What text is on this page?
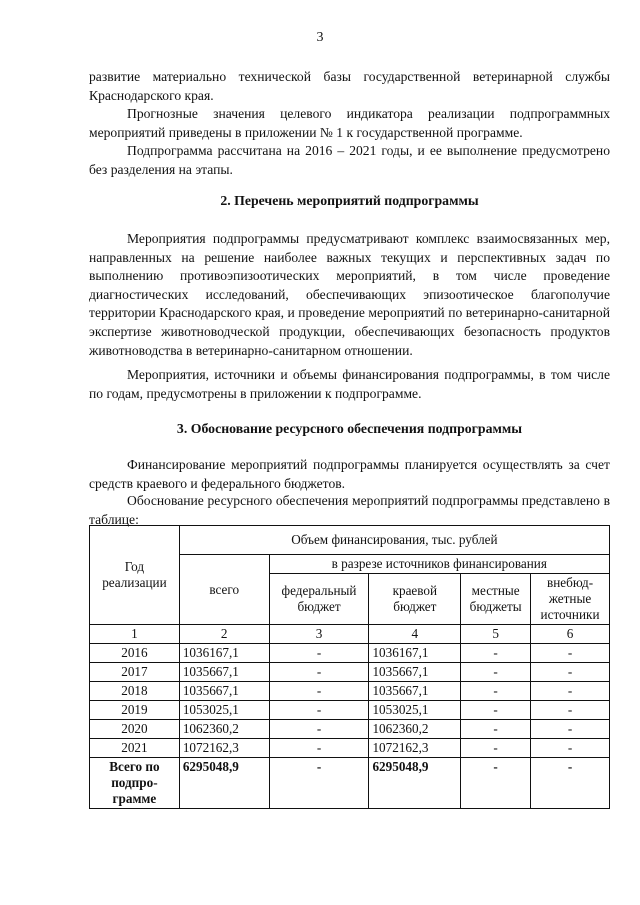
3

развитие материально технической базы государственной ветеринарной службы Краснодарского края.

Прогнозные значения целевого индикатора реализации подпрограммных мероприятий приведены в приложении № 1 к государственной программе.

Подпрограмма рассчитана на 2016 – 2021 годы, и ее выполнение предусмотрено без разделения на этапы.

2. Перечень мероприятий подпрограммы

Мероприятия подпрограммы предусматривают комплекс взаимосвязанных мер, направленных на решение наиболее важных текущих и перспективных задач по выполнению противоэпизоотических мероприятий, в том числе проведение диагностических исследований, обеспечивающих эпизоотическое благополучие территории Краснодарского края, и проведение мероприятий по ветеринарно-санитарной экспертизе животноводческой продукции, обеспечивающих безопасность продуктов животноводства в ветеринарно-санитарном отношении.

Мероприятия, источники и объемы финансирования подпрограммы, в том числе по годам, предусмотрены в приложении к подпрограмме.

3. Обоснование ресурсного обеспечения подпрограммы

Финансирование мероприятий подпрограммы планируется осуществлять за счет средств краевого и федерального бюджетов.

Обоснование ресурсного обеспечения мероприятий подпрограммы представлено в таблице:

Год реализации	Объем финансирования, тыс. рублей				
	всего	в разрезе источников финансирования			
		федеральный бюджет	краевой бюджет	местные бюджеты	внебюд-жетные источники
1	2	3	4	5	6
2016	1036167,1	-	1036167,1	-	-
2017	1035667,1	-	1035667,1	-	-
2018	1035667,1	-	1035667,1	-	-
2019	1053025,1	-	1053025,1	-	-
2020	1062360,2	-	1062360,2	-	-
2021	1072162,3	-	1072162,3	-	-
Всего по подпро-грамме	6295048,9	-	6295048,9	-	-
